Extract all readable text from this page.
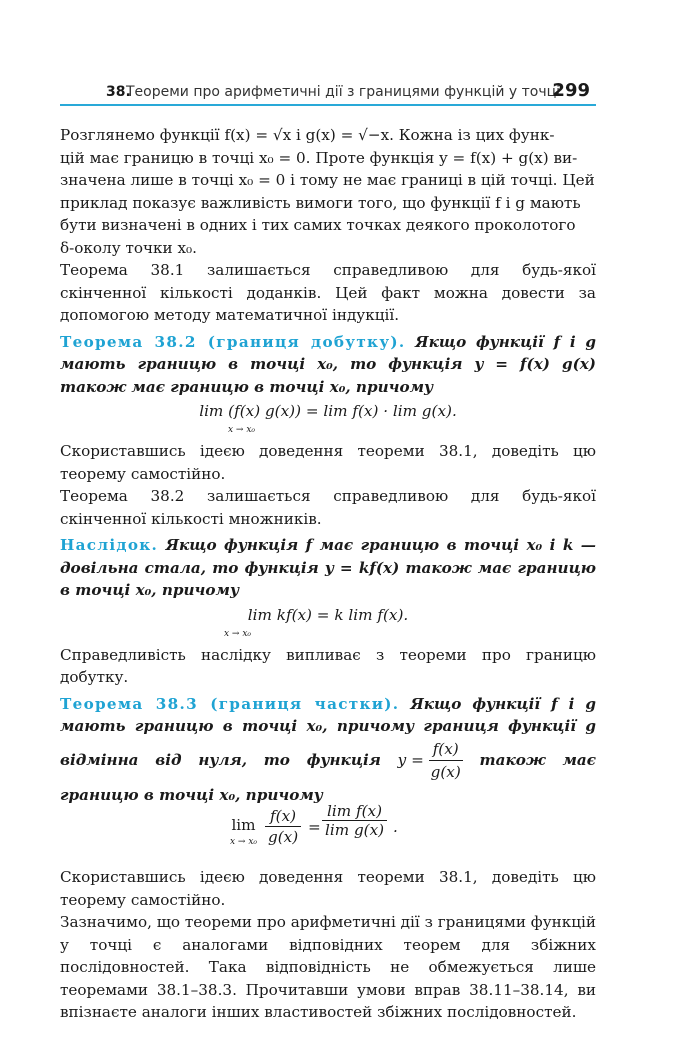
38.
Теореми про арифметичні дії з границями функцій у точці
299

Розглянемо функції f(x) = √x і g(x) = √−x. Кожна із цих функ-
цій має границю в точці x₀ = 0. Проте функція y = f(x) + g(x) ви-
значена лише в точці x₀ = 0 і тому не має границі в цій точці. Цей
приклад показує важливість вимоги того, що функції f і g мають
бути визначені в одних і тих самих точках деякого проколотого
δ-околу точки x₀.

Теорема 38.1 залишається справедливою для будь-якої скінченної кількості доданків. Цей факт можна довести за допомогою методу математичної індукції.

Теорема 38.2 (границя добутку). Якщо функції f і g мають границю в точці x₀, то функція y = f(x) g(x) також має границю в точці x₀, причому

lim (f(x) g(x)) = lim f(x) · lim g(x).
x → x₀

Скориставшись ідеєю доведення теореми 38.1, доведіть цю теорему самостійно.

Теорема 38.2 залишається справедливою для будь-якої скінченної кількості множників.

Наслідок. Якщо функція f має границю в точці x₀ і k — довільна стала, то функція y = kf(x) також має границю в точці x₀, причому

lim kf(x) = k lim f(x).
x → x₀

Справедливість наслідку випливає з теореми про границю добутку.

Теорема 38.3 (границя частки). Якщо функції f і g мають границю в точці x₀, причому границя функції g відмінна від нуля, то функція $y = \frac{f(x)}{g(x)}$ також має границю в точці x₀, причому

lim
$x \to x_0 \frac{f(x)}{g(x)} = \frac{\text{lim f(x)}}{\text{lim g(x)}}$ .

Скориставшись ідеєю доведення теореми 38.1, доведіть цю теорему самостійно.

Зазначимо, що теореми про арифметичні дії з границями функцій у точці є аналогами відповідних теорем для збіжних послідовностей. Така відповідність не обмежується лише теоремами 38.1–38.3. Прочитавши умови вправ 38.11–38.14, ви впізнаєте аналоги інших властивостей збіжних послідовностей.
